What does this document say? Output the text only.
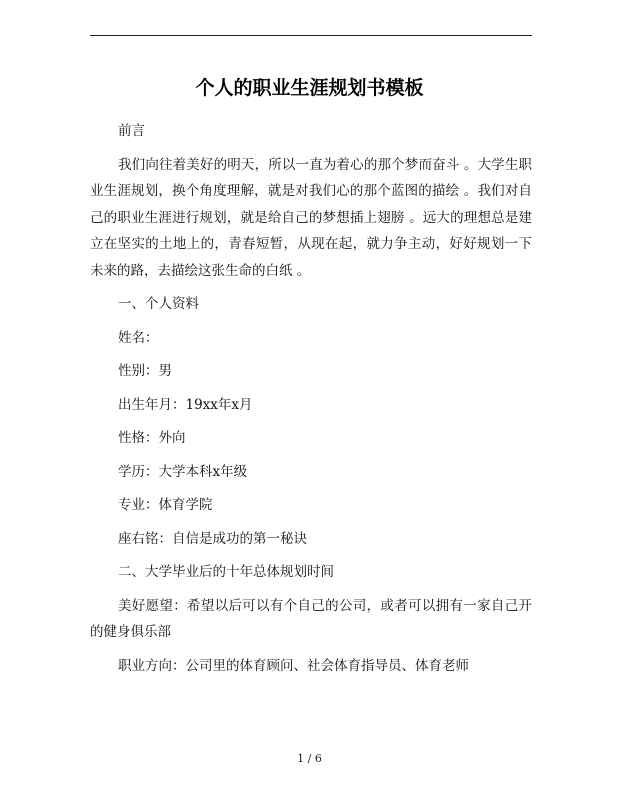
个人的职业生涯规划书模板

前言

我们向往着美好的明天，所以一直为着心的那个梦而奋斗 。大学生职业生涯规划，换个角度理解，就是对我们心的那个蓝图的描绘 。我们对自己的职业生涯进行规划，就是给自己的梦想插上翅膀 。远大的理想总是建立在坚实的土地上的，青春短暂，从现在起，就力争主动，好好规划一下未来的路，去描绘这张生命的白纸 。

一、个人资料

姓名：

性别：男

出生年月：19xx年x月

性格：外向

学历：大学本科x年级

专业：体育学院

座右铭：自信是成功的第一秘诀

二、大学毕业后的十年总体规划时间

美好愿望：希望以后可以有个自己的公司，或者可以拥有一家自己开的健身俱乐部

职业方向：公司里的体育顾问、社会体育指导员、体育老师

1 / 6
